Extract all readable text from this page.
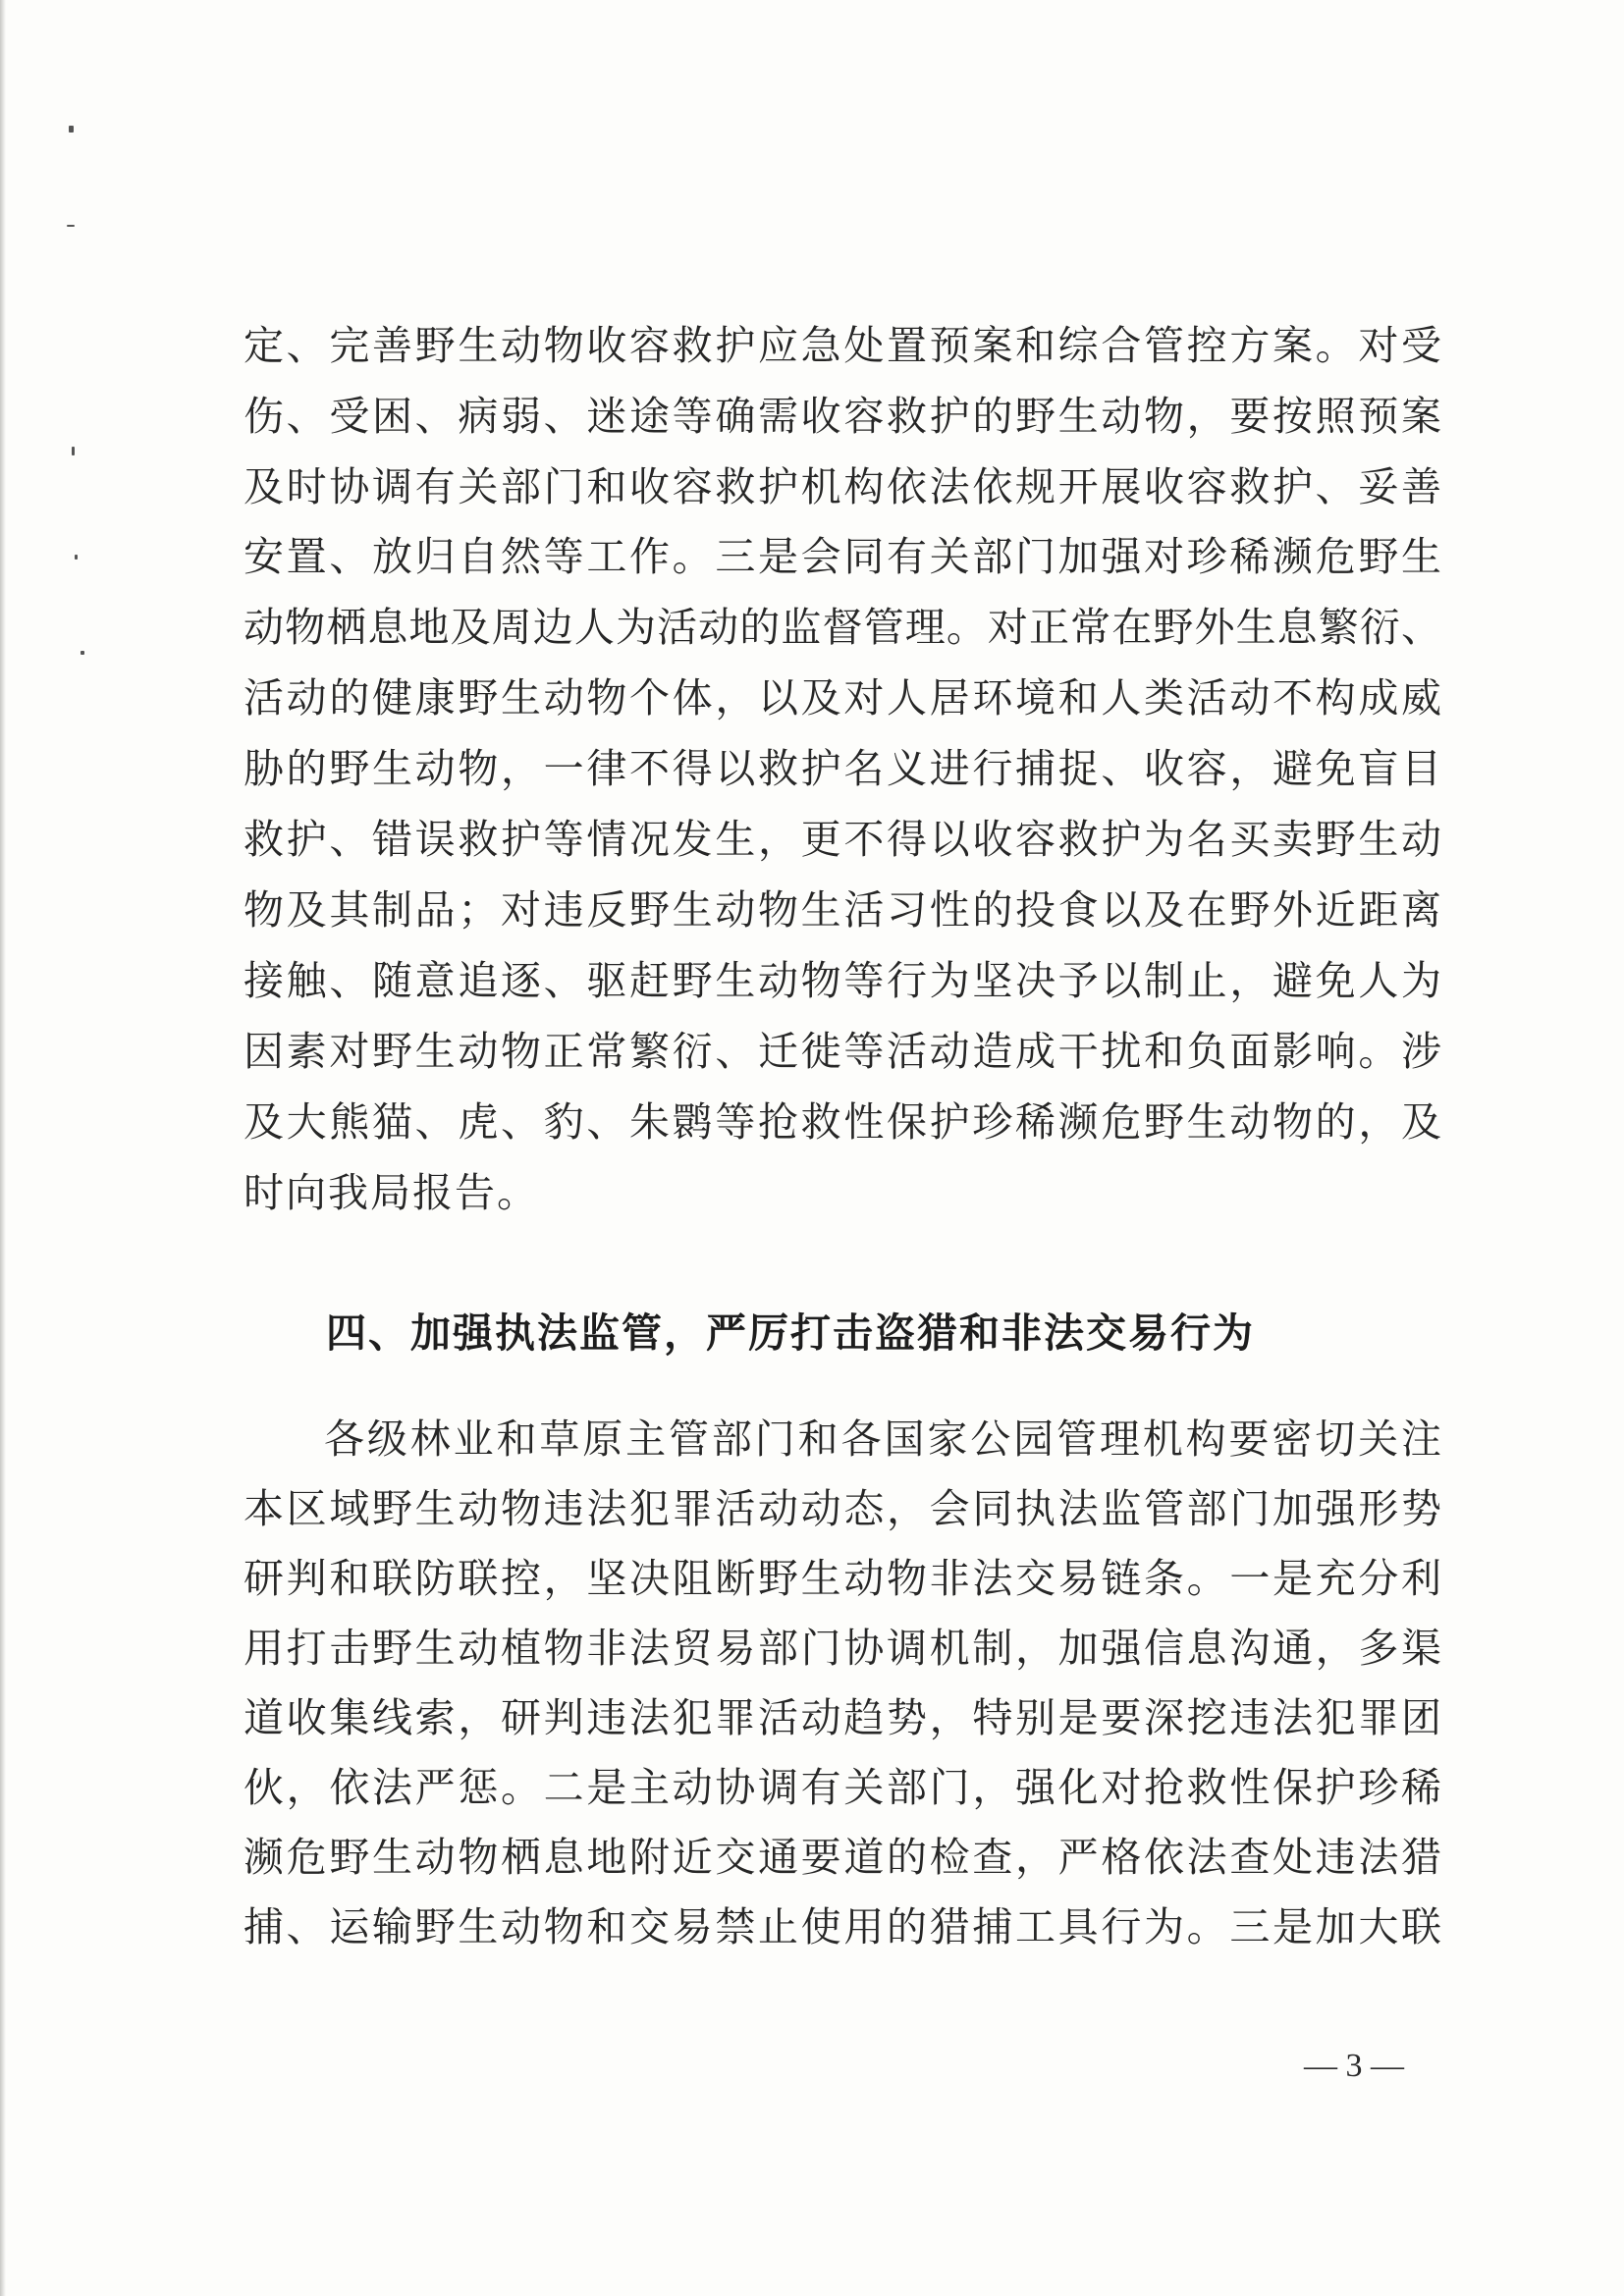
定、完善野生动物收容救护应急处置预案和综合管控方案。对受
伤、受困、病弱、迷途等确需收容救护的野生动物，要按照预案
及时协调有关部门和收容救护机构依法依规开展收容救护、妥善
安置、放归自然等工作。三是会同有关部门加强对珍稀濒危野生
动物栖息地及周边人为活动的监督管理。对正常在野外生息繁衍、
活动的健康野生动物个体，以及对人居环境和人类活动不构成威
胁的野生动物，一律不得以救护名义进行捕捉、收容，避免盲目
救护、错误救护等情况发生，更不得以收容救护为名买卖野生动
物及其制品；对违反野生动物生活习性的投食以及在野外近距离
接触、随意追逐、驱赶野生动物等行为坚决予以制止，避免人为
因素对野生动物正常繁衍、迁徙等活动造成干扰和负面影响。涉
及大熊猫、虎、豹、朱鹮等抢救性保护珍稀濒危野生动物的，及
时向我局报告。
四、加强执法监管，严厉打击盗猎和非法交易行为
各级林业和草原主管部门和各国家公园管理机构要密切关注
本区域野生动物违法犯罪活动动态，会同执法监管部门加强形势
研判和联防联控，坚决阻断野生动物非法交易链条。一是充分利
用打击野生动植物非法贸易部门协调机制，加强信息沟通，多渠
道收集线索，研判违法犯罪活动趋势，特别是要深挖违法犯罪团
伙，依法严惩。二是主动协调有关部门，强化对抢救性保护珍稀
濒危野生动物栖息地附近交通要道的检查，严格依法查处违法猎
捕、运输野生动物和交易禁止使用的猎捕工具行为。三是加大联
— 3 —
